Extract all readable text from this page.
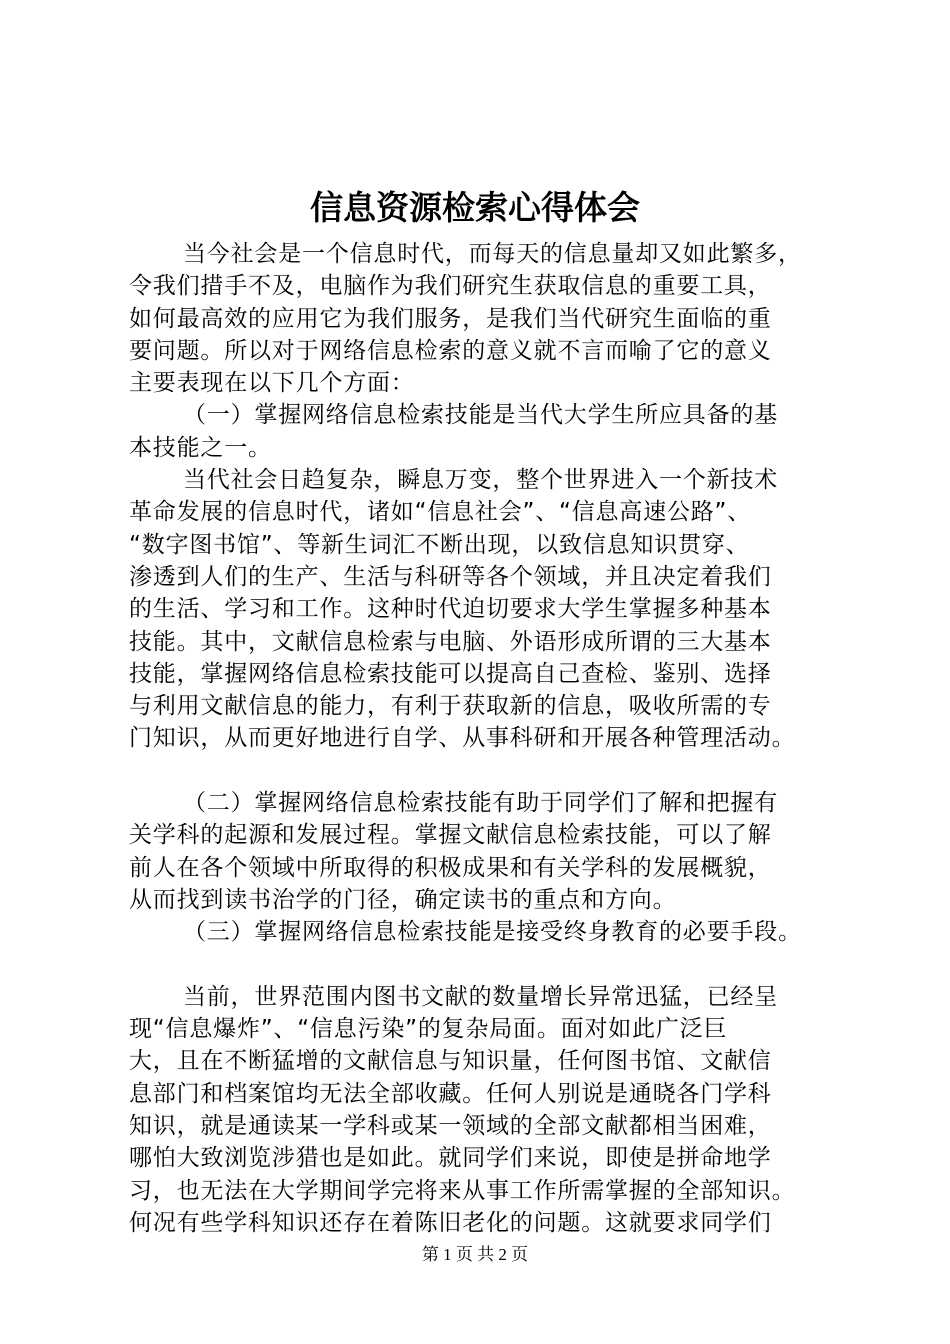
信息资源检索心得体会
当今社会是一个信息时代，而每天的信息量却又如此繁多，
令我们措手不及，电脑作为我们研究生获取信息的重要工具，
如何最高效的应用它为我们服务，是我们当代研究生面临的重
要问题。所以对于网络信息检索的意义就不言而喻了它的意义
主要表现在以下几个方面：
（一）掌握网络信息检索技能是当代大学生所应具备的基
本技能之一。
当代社会日趋复杂，瞬息万变，整个世界进入一个新技术
革命发展的信息时代，诸如“信息社会”、“信息高速公路”、
“数字图书馆”、等新生词汇不断出现，以致信息知识贯穿、
渗透到人们的生产、生活与科研等各个领域，并且决定着我们
的生活、学习和工作。这种时代迫切要求大学生掌握多种基本
技能。其中，文献信息检索与电脑、外语形成所谓的三大基本
技能，掌握网络信息检索技能可以提高自己查检、鉴别、选择
与利用文献信息的能力，有利于获取新的信息，吸收所需的专
门知识，从而更好地进行自学、从事科研和开展各种管理活动。
（二）掌握网络信息检索技能有助于同学们了解和把握有
关学科的起源和发展过程。掌握文献信息检索技能，可以了解
前人在各个领域中所取得的积极成果和有关学科的发展概貌，
从而找到读书治学的门径，确定读书的重点和方向。
（三）掌握网络信息检索技能是接受终身教育的必要手段。
当前，世界范围内图书文献的数量增长异常迅猛，已经呈
现“信息爆炸”、“信息污染”的复杂局面。面对如此广泛巨
大，且在不断猛增的文献信息与知识量，任何图书馆、文献信
息部门和档案馆均无法全部收藏。任何人别说是通晓各门学科
知识，就是通读某一学科或某一领域的全部文献都相当困难，
哪怕大致浏览涉猎也是如此。就同学们来说，即使是拼命地学
习，也无法在大学期间学完将来从事工作所需掌握的全部知识。
何况有些学科知识还存在着陈旧老化的问题。这就要求同学们
第 1 页 共 2 页
